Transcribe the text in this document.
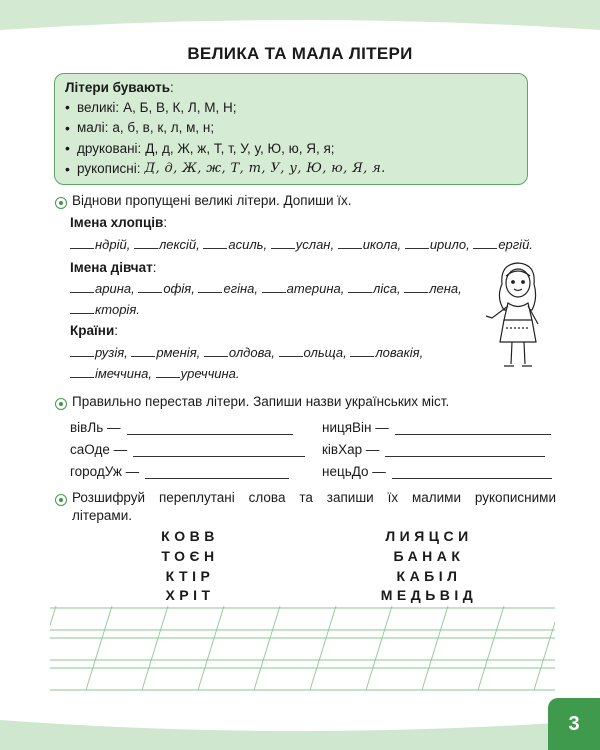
ВЕЛИКА ТА МАЛА ЛІТЕРИ
Літери бувають:
• великі: А, Б, В, К, Л, М, Н;
• малі: а, б, в, к, л, м, н;
• друковані: Д, д, Ж, ж, Т, т, У, у, Ю, ю, Я, я;
• рукописні: Д, д, Ж, ж, Т, т, У, у, Ю, ю, Я, я.
Віднови пропущені великі літери. Допиши їх.
Імена хлопців:
ндрій, лексій, асиль, услан, икола, ирило, ергій.
Імена дівчат:
арина, офія, егіна, атерина, ліса, лена,
кторія.
Країни:
рузія, рменія, олдова, ольща, ловакія,
імеччина, уреччина.
Правильно перестав літери. Запиши назви українських міст.
вівЛь —
саОде —
городУж —
ницяВін —
ківХар —
нецьДо —
Розшифруй переплутані слова та запиши їх малими рукописними
літерами.
КОВВ
ТОЄН
КТІР
ХРІТ
ЛИЯЦСИ
БАНАК
КАБІЛ
МЕДЬВІД
3
